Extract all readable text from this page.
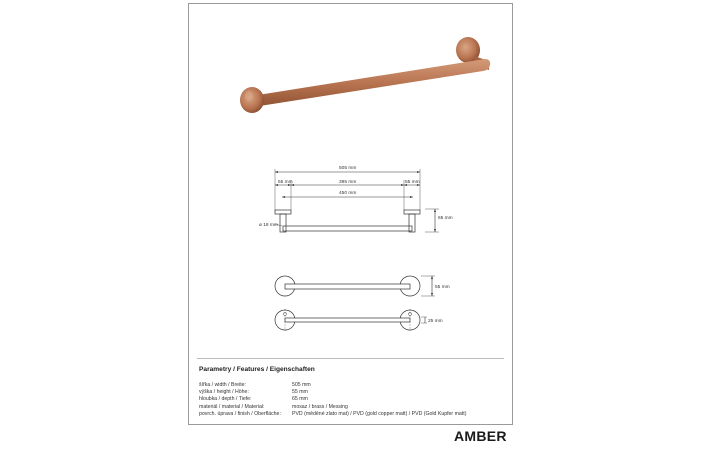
505 mm
55 mm	395 mm	55 mm
450 mm
65 mm
ø 18 mm
55 mm
25 mm
Parametry / Features / Eigenschaften
šířka / width / Breite:	505 mm
výška / height / Höhe:	55 mm
hloubka / depth / Tiefe:	65 mm
materiál / material / Material:	mosaz / brass / Messing
povrch. úprava / finish / Oberfläche:	PVD (měděné zlato mat) / PVD (gold copper matt) / PVD (Gold Kupfer matt)
AMBER
